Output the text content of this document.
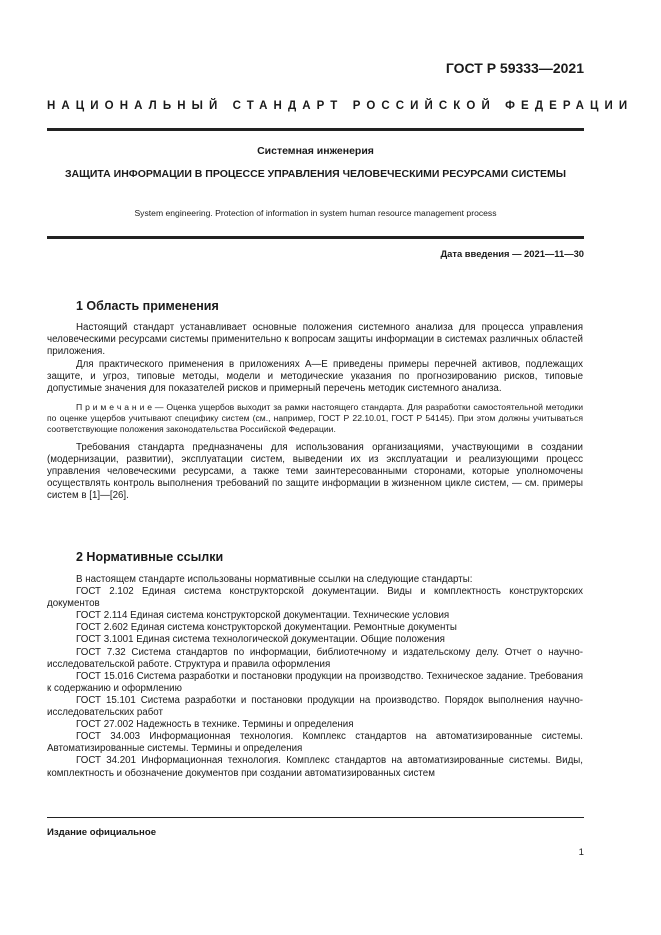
ГОСТ Р 59333—2021
НАЦИОНАЛЬНЫЙ СТАНДАРТ РОССИЙСКОЙ ФЕДЕРАЦИИ
Системная инженерия
ЗАЩИТА ИНФОРМАЦИИ В ПРОЦЕССЕ УПРАВЛЕНИЯ ЧЕЛОВЕЧЕСКИМИ РЕСУРСАМИ СИСТЕМЫ
System engineering. Protection of information in system human resource management process
Дата введения — 2021—11—30
1 Область применения

Настоящий стандарт устанавливает основные положения системного анализа для процесса управления человеческими ресурсами системы применительно к вопросам защиты информации в системах различных областей приложения.

Для практического применения в приложениях А—Е приведены примеры перечней активов, подлежащих защите, и угроз, типовые методы, модели и методические указания по прогнозированию рисков, типовые допустимые значения для показателей рисков и примерный перечень методик системного анализа.

П р и м е ч а н и е — Оценка ущербов выходит за рамки настоящего стандарта. Для разработки самостоятельной методики по оценке ущербов учитывают специфику систем (см., например, ГОСТ Р 22.10.01, ГОСТ Р 54145). При этом должны учитываться соответствующие положения законодательства Российской Федерации.

Требования стандарта предназначены для использования организациями, участвующими в создании (модернизации, развитии), эксплуатации систем, выведении их из эксплуатации и реализующими процесс управления человеческими ресурсами, а также теми заинтересованными сторонами, которые уполномочены осуществлять контроль выполнения требований по защите информации в жизненном цикле систем, — см. примеры систем в [1]—[26].

2 Нормативные ссылки

В настоящем стандарте использованы нормативные ссылки на следующие стандарты:

ГОСТ 2.102 Единая система конструкторской документации. Виды и комплектность конструкторских документов

ГОСТ 2.114 Единая система конструкторской документации. Технические условия

ГОСТ 2.602 Единая система конструкторской документации. Ремонтные документы

ГОСТ 3.1001 Единая система технологической документации. Общие положения

ГОСТ 7.32 Система стандартов по информации, библиотечному и издательскому делу. Отчет о научно-исследовательской работе. Структура и правила оформления

ГОСТ 15.016 Система разработки и постановки продукции на производство. Техническое задание. Требования к содержанию и оформлению

ГОСТ 15.101 Система разработки и постановки продукции на производство. Порядок выполнения научно-исследовательских работ

ГОСТ 27.002 Надежность в технике. Термины и определения

ГОСТ 34.003 Информационная технология. Комплекс стандартов на автоматизированные системы. Автоматизированные системы. Термины и определения

ГОСТ 34.201 Информационная технология. Комплекс стандартов на автоматизированные системы. Виды, комплектность и обозначение документов при создании автоматизированных систем

Издание официальное
1
